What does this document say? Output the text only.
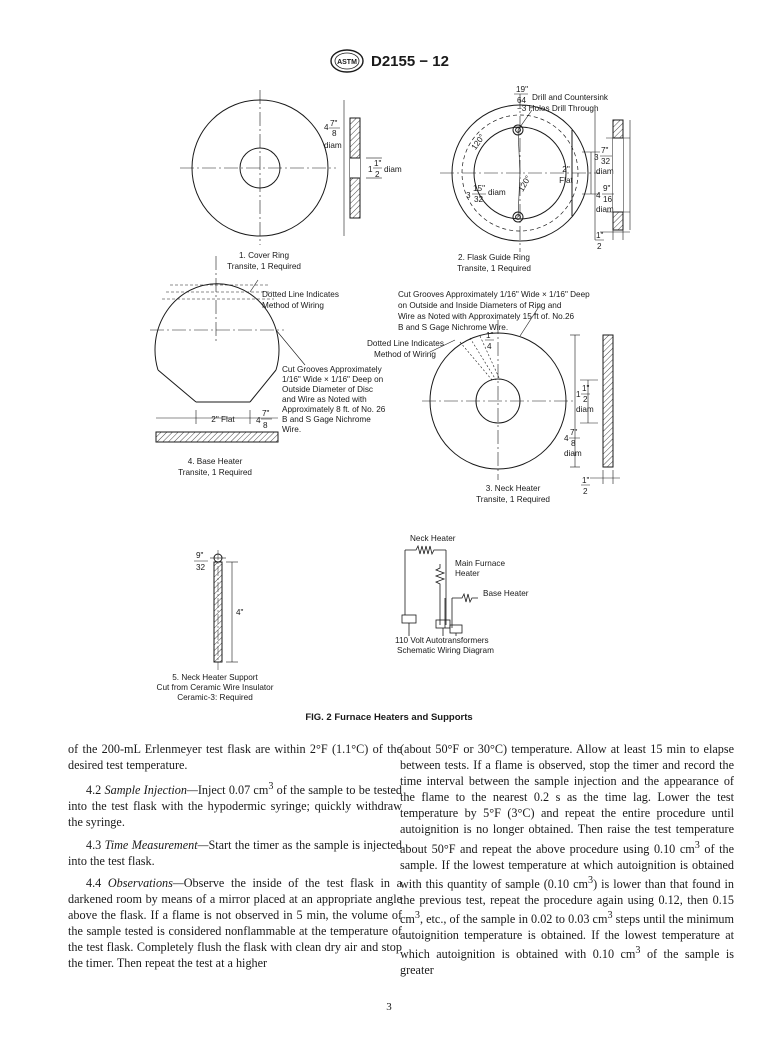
ASTM D2155 − 12
4 7"
8
diam
1
1"
2
diam
1. Cover Ring
Transite, 1 Required
19"
64 Drill and Countersink
−3 Holes Drill Through
120°
120°
2"
Flat
3
15"
32
diam
3
7"
32
diam
4
9"
16
diam
1"
2
2. Flask Guide Ring
Transite, 1 Required
Dotted Line Indicates
Method of Wiring
Cut Grooves Approximately
1/16" Wide × 1/16" Deep on
Outside Diameter of Disc
and Wire as Noted with
Approximately 8 ft. of No. 26
B and S Gage Nichrome
Wire.
2" Flat	4
7"
8
4. Base Heater
Transite, 1 Required
Cut Grooves Approximately 1/16" Wide × 1/16" Deep
on Outside and Inside Diameters of Ring and
Wire as Noted with Approximately 15 ft of. No.26
B and S Gage Nichrome Wire.
Dotted Line Indicates
Method of Wiring
1"
4
1
1"
2
diam
4
7"
8
diam
1"
2
3. Neck Heater
Transite, 1 Required
9"
32
4"
5. Neck Heater Support
Cut from Ceramic Wire Insulator
Ceramic-3: Required
Neck Heater
Main Furnace
Heater
Base Heater
110 Volt Autotransformers
Schematic Wiring Diagram
FIG. 2 Furnace Heaters and Supports

of the 200-mL Erlenmeyer test flask are within 2°F (1.1°C) of the desired test temperature.

4.2 Sample Injection—Inject 0.07 $cm^3$ of the sample to be tested into the test flask with the hypodermic syringe; quickly withdraw the syringe.

4.3 Time Measurement—Start the timer as the sample is injected into the test flask.

4.4 Observations—Observe the inside of the test flask in a darkened room by means of a mirror placed at an appropriate angle above the flask. If a flame is not observed in 5 min, the volume of the sample tested is considered nonflammable at the temperature of the test flask. Completely flush the flask with clean dry air and stop the timer. Then repeat the test at a higher

(about 50°F or 30°C) temperature. Allow at least 15 min to elapse between tests. If a flame is observed, stop the timer and record the time interval between the sample injection and the appearance of the flame to the nearest 0.2 s as the time lag. Lower the test temperature by 5°F (3°C) and repeat the entire procedure until autoignition is no longer obtained. Then raise the test temperature about 50°F and repeat the above procedure using 0.10 $cm^3$ of the sample. If the lowest temperature at which autoignition is obtained with this quantity of sample (0.10 $cm^3$) is lower than that found in the previous test, repeat the procedure again using 0.12, then 0.15 $cm^3$, etc., of the sample in 0.02 to 0.03 $cm^3$ steps until the minimum autoignition temperature is obtained. If the lowest temperature at which autoignition is obtained with 0.10 $cm^3$ of the sample is greater

3
